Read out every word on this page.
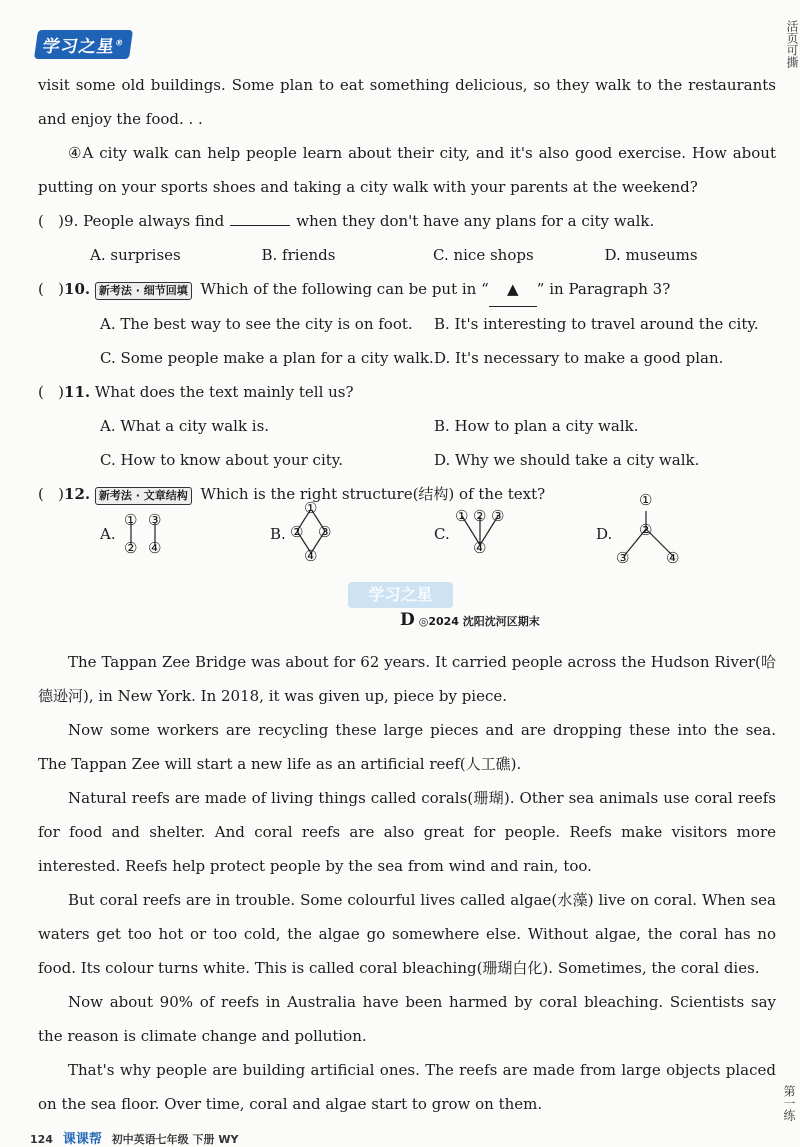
学习之星®	活页可撕

visit some old buildings. Some plan to eat something delicious, so they walk to the restaurants and enjoy the food. . .

④A city walk can help people learn about their city, and it's also good exercise. How about putting on your sports shoes and taking a city walk with your parents at the weekend?

( )9. People always find	when they don't have any plans for a city walk.
A. surprises	B. friends	C. nice shops	D. museums
( )10. 新考法 · 细节回填 Which of the following can be put in “ ▲ ” in Paragraph 3?
A. The best way to see the city is on foot.	B. It's interesting to travel around the city.
C. Some people make a plan for a city walk. D. It's necessary to make a good plan.
( )11. What does the text mainly tell us?
A. What a city walk is.	B. How to plan a city walk.
C. How to know about your city.	D. Why we should take a city walk.
( )12. 新考法 · 文章结构 Which is the right structure(结构) of the text?
A.	B.	C.	D.
①
②
③
④
①
② ③
④
① ② ③
④
①
②
③ ④
学习之星
D ◎2024 沈阳沈河区期末

The Tappan Zee Bridge was about for 62 years. It carried people across the Hudson River(哈德逊河), in New York. In 2018, it was given up, piece by piece.

Now some workers are recycling these large pieces and are dropping these into the sea. The Tappan Zee will start a new life as an artificial reef(人工礁).

Natural reefs are made of living things called corals(珊瑚). Other sea animals use coral reefs for food and shelter. And coral reefs are also great for people. Reefs make visitors more interested. Reefs help protect people by the sea from wind and rain, too.

But coral reefs are in trouble. Some colourful lives called algae(水藻) live on coral. When sea waters get too hot or too cold, the algae go somewhere else. Without algae, the coral has no food. Its colour turns white. This is called coral bleaching(珊瑚白化). Sometimes, the coral dies.

Now about 90% of reefs in Australia have been harmed by coral bleaching. Scientists say the reason is climate change and pollution.

That's why people are building artificial ones. The reefs are made from large objects placed on the sea floor. Over time, coral and algae start to grow on them.	第一练
124 课课帮 初中英语七年级 下册 WY
